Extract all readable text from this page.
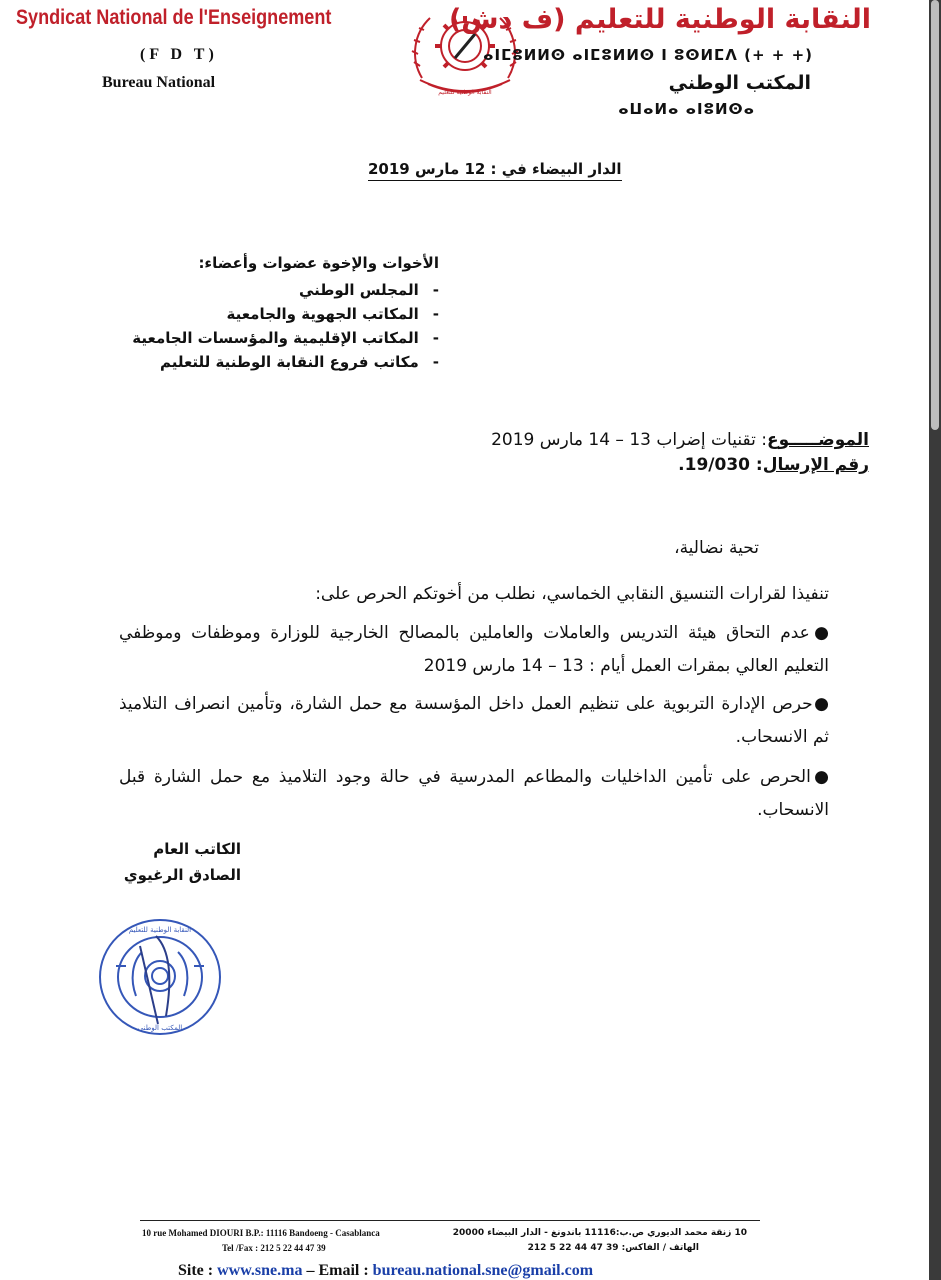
Syndicat National de l'Enseignement
(F D T)
Bureau National
النقابة الوطنية للتعليم
النقابة الوطنية للتعليم (ف دش)
ⴰⵏⵎⵓⵍⵍⵙ ⴰⵏⵎⵓⵍⵍⵙ ⵏ ⵓⵙⵍⵎⴷ (+ + +)
المكتب الوطني
ⴰⵡⴰⵍⴰ ⴰⵏⵓⵍⵙⴰ
الدار البيضاء في : 12 مارس 2019
الأخوات والإخوة عضوات وأعضاء:
-المجلس الوطني
-المكاتب الجهوية والجامعية
-المكاتب الإقليمية والمؤسسات الجامعية
-مكاتب فروع النقابة الوطنية للتعليم
الموضـــــوع: تقنيات إضراب 13 – 14 مارس 2019
رقم الإرسال: 19/030.
تحية نضالية،
تنفيذا لقرارات التنسيق النقابي الخماسي، نطلب من أخوتكم الحرص على:
●عدم التحاق هيئة التدريس والعاملات والعاملين بالمصالح الخارجية للوزارة وموظفات وموظفي التعليم العالي بمقرات العمل أيام : 13 – 14 مارس 2019
●حرص الإدارة التربوية على تنظيم العمل داخل المؤسسة مع حمل الشارة، وتأمين انصراف التلاميذ ثم الانسحاب.
●الحرص على تأمين الداخليات والمطاعم المدرسية في حالة وجود التلاميذ مع حمل الشارة قبل الانسحاب.
الكاتب العام
الصادق الرغيوي
النقابة الوطنية للتعليم
المكتب الوطني
10 rue Mohamed DIOURI B.P.: 11116 Bandoeng - Casablanca
Tel /Fax : 212 5 22 44 47 39
10 زنقة محمد الديوري ص.ب:11116 باندونغ - الدار البيضاء 20000
الهاتف / الفاكس: 39 47 44 22 5 212
Site : www.sne.ma – Email : bureau.national.sne@gmail.com
